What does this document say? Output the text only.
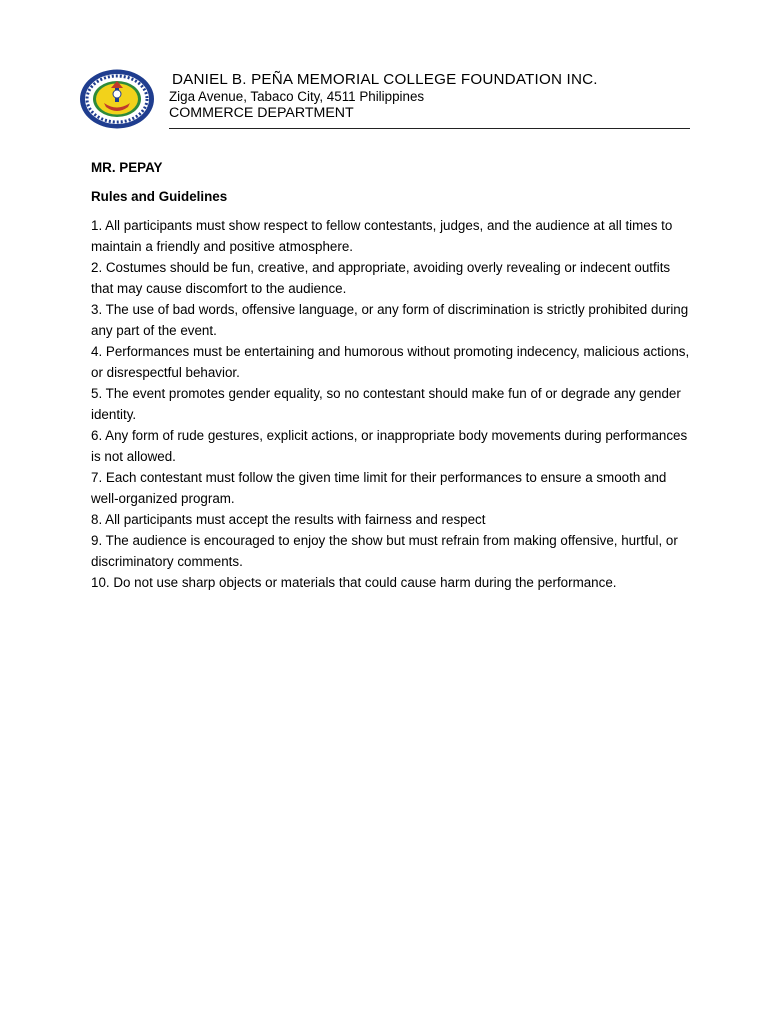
DANIEL B. PEÑA MEMORIAL COLLEGE FOUNDATION INC.
Ziga Avenue, Tabaco City, 4511 Philippines
COMMERCE DEPARTMENT
MR. PEPAY
Rules and Guidelines
1. All participants must show respect to fellow contestants, judges, and the audience at all times to maintain a friendly and positive atmosphere.
2. Costumes should be fun, creative, and appropriate, avoiding overly revealing or indecent outfits that may cause discomfort to the audience.
3. The use of bad words, offensive language, or any form of discrimination is strictly prohibited during any part of the event.
4. Performances must be entertaining and humorous without promoting indecency, malicious actions, or disrespectful behavior.
5. The event promotes gender equality, so no contestant should make fun of or degrade any gender identity.
6. Any form of rude gestures, explicit actions, or inappropriate body movements during performances is not allowed.
7. Each contestant must follow the given time limit for their performances to ensure a smooth and well-organized program.
8. All participants must accept the results with fairness and respect
9. The audience is encouraged to enjoy the show but must refrain from making offensive, hurtful, or discriminatory comments.
10. Do not use sharp objects or materials that could cause harm during the performance.
